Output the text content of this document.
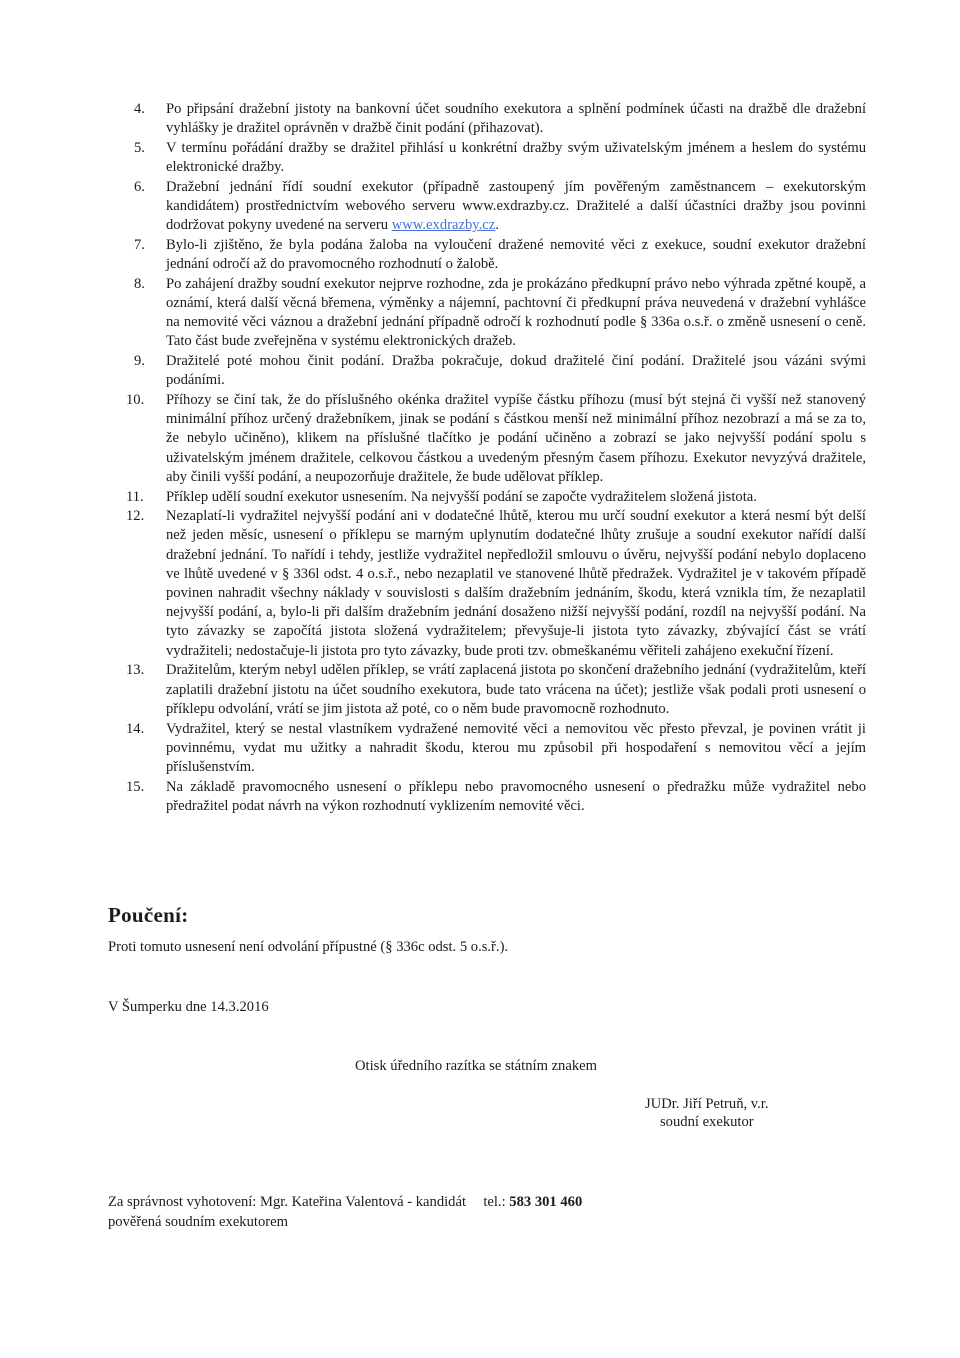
4.	Po připsání dražební jistoty na bankovní účet soudního exekutora a splnění podmínek účasti na dražbě dle dražební vyhlášky je dražitel oprávněn v dražbě činit podání (přihazovat).
5.	V termínu pořádání dražby se dražitel přihlásí u konkrétní dražby svým uživatelským jménem a heslem do systému elektronické dražby.
6.	Dražební jednání řídí soudní exekutor (případně zastoupený jím pověřeným zaměstnancem – exekutorským kandidátem) prostřednictvím webového serveru www.exdrazby.cz. Dražitelé a další účastníci dražby jsou povinni dodržovat pokyny uvedené na serveru www.exdrazby.cz.
7.	Bylo-li zjištěno, že byla podána žaloba na vyloučení dražené nemovité věci z exekuce, soudní exekutor dražební jednání odročí až do pravomocného rozhodnutí o žalobě.
8.	Po zahájení dražby soudní exekutor nejprve rozhodne, zda je prokázáno předkupní právo nebo výhrada zpětné koupě, a oznámí, která další věcná břemena, výměnky a nájemní, pachtovní či předkupní práva neuvedená v dražební vyhlášce na nemovité věci váznou a dražební jednání případně odročí k rozhodnutí podle § 336a o.s.ř. o změně usnesení o ceně. Tato část bude zveřejněna v systému elektronických dražeb.
9.	Dražitelé poté mohou činit podání. Dražba pokračuje, dokud dražitelé činí podání. Dražitelé jsou vázáni svými podáními.
10.	Příhozy se činí tak, že do příslušného okénka dražitel vypíše částku příhozu (musí být stejná či vyšší než stanovený minimální příhoz určený dražebníkem, jinak se podání s částkou menší než minimální příhoz nezobrazí a má se za to, že nebylo učiněno), klikem na příslušné tlačítko je podání učiněno a zobrazí se jako nejvyšší podání spolu s uživatelským jménem dražitele, celkovou částkou a uvedeným přesným časem příhozu. Exekutor nevyzývá dražitele, aby činili vyšší podání, a neupozorňuje dražitele, že bude udělovat příklep.
11.	Příklep udělí soudní exekutor usnesením. Na nejvyšší podání se započte vydražitelem složená jistota.
12.	Nezaplatí-li vydražitel nejvyšší podání ani v dodatečné lhůtě, kterou mu určí soudní exekutor a která nesmí být delší než jeden měsíc, usnesení o příklepu se marným uplynutím dodatečné lhůty zrušuje a soudní exekutor nařídí další dražební jednání. To nařídí i tehdy, jestliže vydražitel nepředložil smlouvu o úvěru, nejvyšší podání nebylo doplaceno ve lhůtě uvedené v § 336l odst. 4 o.s.ř., nebo nezaplatil ve stanovené lhůtě předražek. Vydražitel je v takovém případě povinen nahradit všechny náklady v souvislosti s dalším dražebním jednáním, škodu, která vznikla tím, že nezaplatil nejvyšší podání, a, bylo-li při dalším dražebním jednání dosaženo nižší nejvyšší podání, rozdíl na nejvyšší podání. Na tyto závazky se započítá jistota složená vydražitelem; převyšuje-li jistota tyto závazky, zbývající část se vrátí vydražiteli; nedostačuje-li jistota pro tyto závazky, bude proti tzv. obmeškanému věřiteli zahájeno exekuční řízení.
13.	Dražitelům, kterým nebyl udělen příklep, se vrátí zaplacená jistota po skončení dražebního jednání (vydražitelům, kteří zaplatili dražební jistotu na účet soudního exekutora, bude tato vrácena na účet); jestliže však podali proti usnesení o příklepu odvolání, vrátí se jim jistota až poté, co o něm bude pravomocně rozhodnuto.
14.	Vydražitel, který se nestal vlastníkem vydražené nemovité věci a nemovitou věc přesto převzal, je povinen vrátit ji povinnému, vydat mu užitky a nahradit škodu, kterou mu způsobil při hospodaření s nemovitou věcí a jejím příslušenstvím.
15.	Na základě pravomocného usnesení o příklepu nebo pravomocného usnesení o předražku může vydražitel nebo předražitel podat návrh na výkon rozhodnutí vyklizením nemovité věci.
Poučení:
Proti tomuto usnesení není odvolání přípustné (§ 336c odst. 5 o.s.ř.).
V Šumperku dne 14.3.2016
Otisk úředního razítka se státním znakem
JUDr. Jiří Petruň, v.r.
soudní exekutor
Za správnost vyhotovení: Mgr. Kateřina Valentová - kandidát tel.: 583 301 460
pověřená soudním exekutorem
